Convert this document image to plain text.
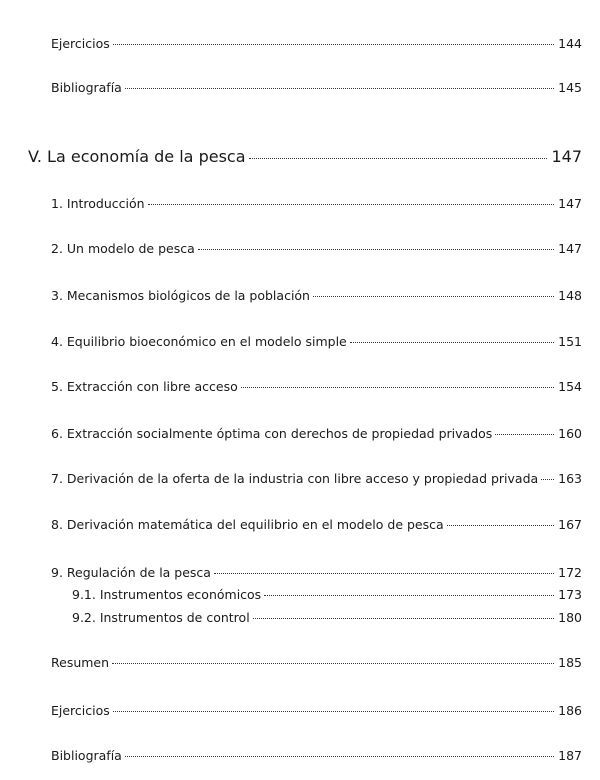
Ejercicios	144
Bibliografía	145
V. La economía de la pesca	147
1. Introducción	147
2. Un modelo de pesca	147
3. Mecanismos biológicos de la población	148
4. Equilibrio bioeconómico en el modelo simple	151
5. Extracción con libre acceso	154
6. Extracción socialmente óptima con derechos de propiedad privados	160
7. Derivación de la oferta de la industria con libre acceso y propiedad privada 163
8. Derivación matemática del equilibrio en el modelo de pesca	167
9. Regulación de la pesca	172
9.1. Instrumentos económicos	173
9.2. Instrumentos de control	180
Resumen	185
Ejercicios	186
Bibliografía	187
